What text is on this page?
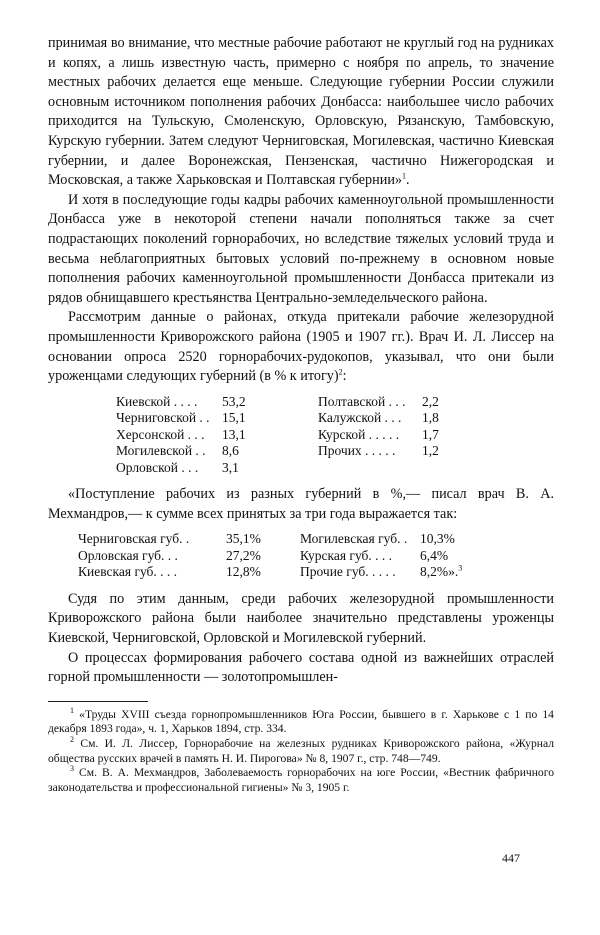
принимая во внимание, что местные рабочие работают не круглый год на рудниках и копях, а лишь известную часть, примерно с ноября по апрель, то значение местных рабочих делается еще меньше. Следующие губернии России служили основным источником пополнения рабочих Донбасса: наибольшее число рабочих приходится на Тульскую, Смоленскую, Орловскую, Рязанскую, Тамбовскую, Курскую губернии. Затем следуют Черниговская, Могилевская, частично Киевская губернии, и далее Воронежская, Пензенская, частично Нижегородская и Московская, а также Харьковская и Полтавская губернии»$^1$.

И хотя в последующие годы кадры рабочих каменноугольной промышленности Донбасса уже в некоторой степени начали пополняться также за счет подрастающих поколений горнорабочих, но вследствие тяжелых условий труда и весьма неблагоприятных бытовых условий по-прежнему в основном новые пополнения рабочих каменноугольной промышленности Донбасса притекали из рядов обнищавшего крестьянства Центрально-земледельческого района.

Рассмотрим данные о районах, откуда притекали рабочие железорудной промышленности Криворожского района (1905 и 1907 гг.). Врач И. Л. Лиссер на основании опроса 2520 горнорабочих-рудокопов, указывал, что они были уроженцами следующих губерний (в % к итогу)$^2$:

Киевской . . . .	53,2		Полтавской . . .	2,2
Черниговской . .	15,1		Калужской . . .	1,8
Херсонской . . .	13,1		Курской . . . . .	1,7
Могилевской . .	8,6		Прочих . . . . .	1,2
Орловской . . .	3,1			

«Поступление рабочих из разных губерний в %,— писал врач В. А. Мехмандров,— к сумме всех принятых за три года выражается так:

Черниговская губ. .	35,1%		Могилевская губ. .	10,3%
Орловская губ. . .	27,2%		Курская губ. . . .	6,4%
Киевская губ. . . .	12,8%		Прочие губ. . . . .	8,2%».$^3$

Судя по этим данным, среди рабочих железорудной промышленности Криворожского района были наиболее значительно представлены уроженцы Киевской, Черниговской, Орловской и Могилевской губерний.

О процессах формирования рабочего состава одной из важнейших отраслей горной промышленности — золотопромышлен-

$^1$ «Труды XVIII съезда горнопромышленников Юга России, бывшего в г. Харькове с 1 по 14 декабря 1893 года», ч. 1, Харьков 1894, стр. 334.

$^2$ См. И. Л. Лиссер, Горнорабочие на железных рудниках Криворожского района, «Журнал общества русских врачей в память Н. И. Пирогова» № 8, 1907 г., стр. 748—749.

$^3$ См. В. А. Мехмандров, Заболеваемость горнорабочих на юге России, «Вестник фабричного законодательства и профессиональной гигиены» № 3, 1905 г.

447
